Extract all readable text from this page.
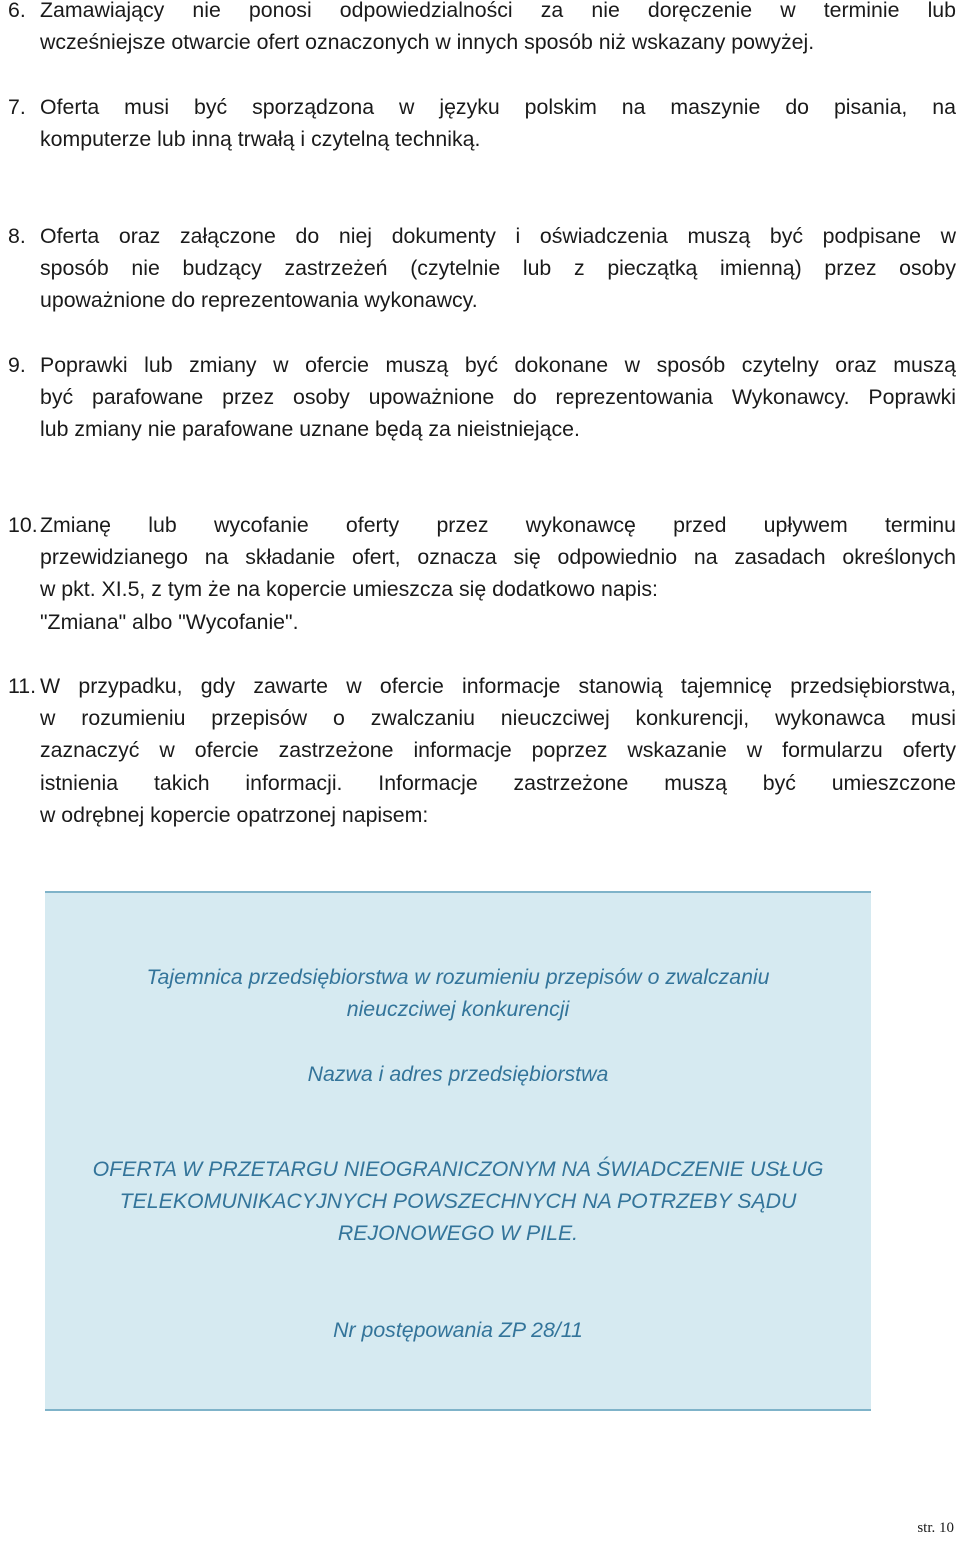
6. Zamawiający nie ponosi odpowiedzialności za nie doręczenie w terminie lub
wcześniejsze otwarcie ofert oznaczonych w innych sposób niż wskazany powyżej.
7. Oferta musi być sporządzona w języku polskim na maszynie do pisania, na
komputerze lub inną trwałą i czytelną techniką.
8. Oferta oraz załączone do niej dokumenty i oświadczenia muszą być podpisane w
sposób nie budzący zastrzeżeń (czytelnie lub z pieczątką imienną) przez osoby
upoważnione do reprezentowania wykonawcy.
9. Poprawki lub zmiany w ofercie muszą być dokonane w sposób czytelny oraz muszą
być parafowane przez osoby upoważnione do reprezentowania Wykonawcy. Poprawki
lub zmiany nie parafowane uznane będą za nieistniejące.
10. Zmianę lub wycofanie oferty przez wykonawcę przed upływem terminu
przewidzianego na składanie ofert, oznacza się odpowiednio na zasadach określonych
w pkt. XI.5, z tym że na kopercie umieszcza się dodatkowo napis:
"Zmiana" albo "Wycofanie".
11. W przypadku, gdy zawarte w ofercie informacje stanowią tajemnicę przedsiębiorstwa,
w rozumieniu przepisów o zwalczaniu nieuczciwej konkurencji, wykonawca musi
zaznaczyć w ofercie zastrzeżone informacje poprzez wskazanie w formularzu oferty
istnienia takich informacji. Informacje zastrzeżone muszą być umieszczone
w odrębnej kopercie opatrzonej napisem:
Tajemnica przedsiębiorstwa w rozumieniu przepisów o zwalczaniu
nieuczciwej konkurencji
Nazwa i adres przedsiębiorstwa
OFERTA W PRZETARGU NIEOGRANICZONYM NA ŚWIADCZENIE USŁUG
TELEKOMUNIKACYJNYCH POWSZECHNYCH NA POTRZEBY SĄDU
REJONOWEGO W PILE.
Nr postępowania ZP 28/11
str. 10
